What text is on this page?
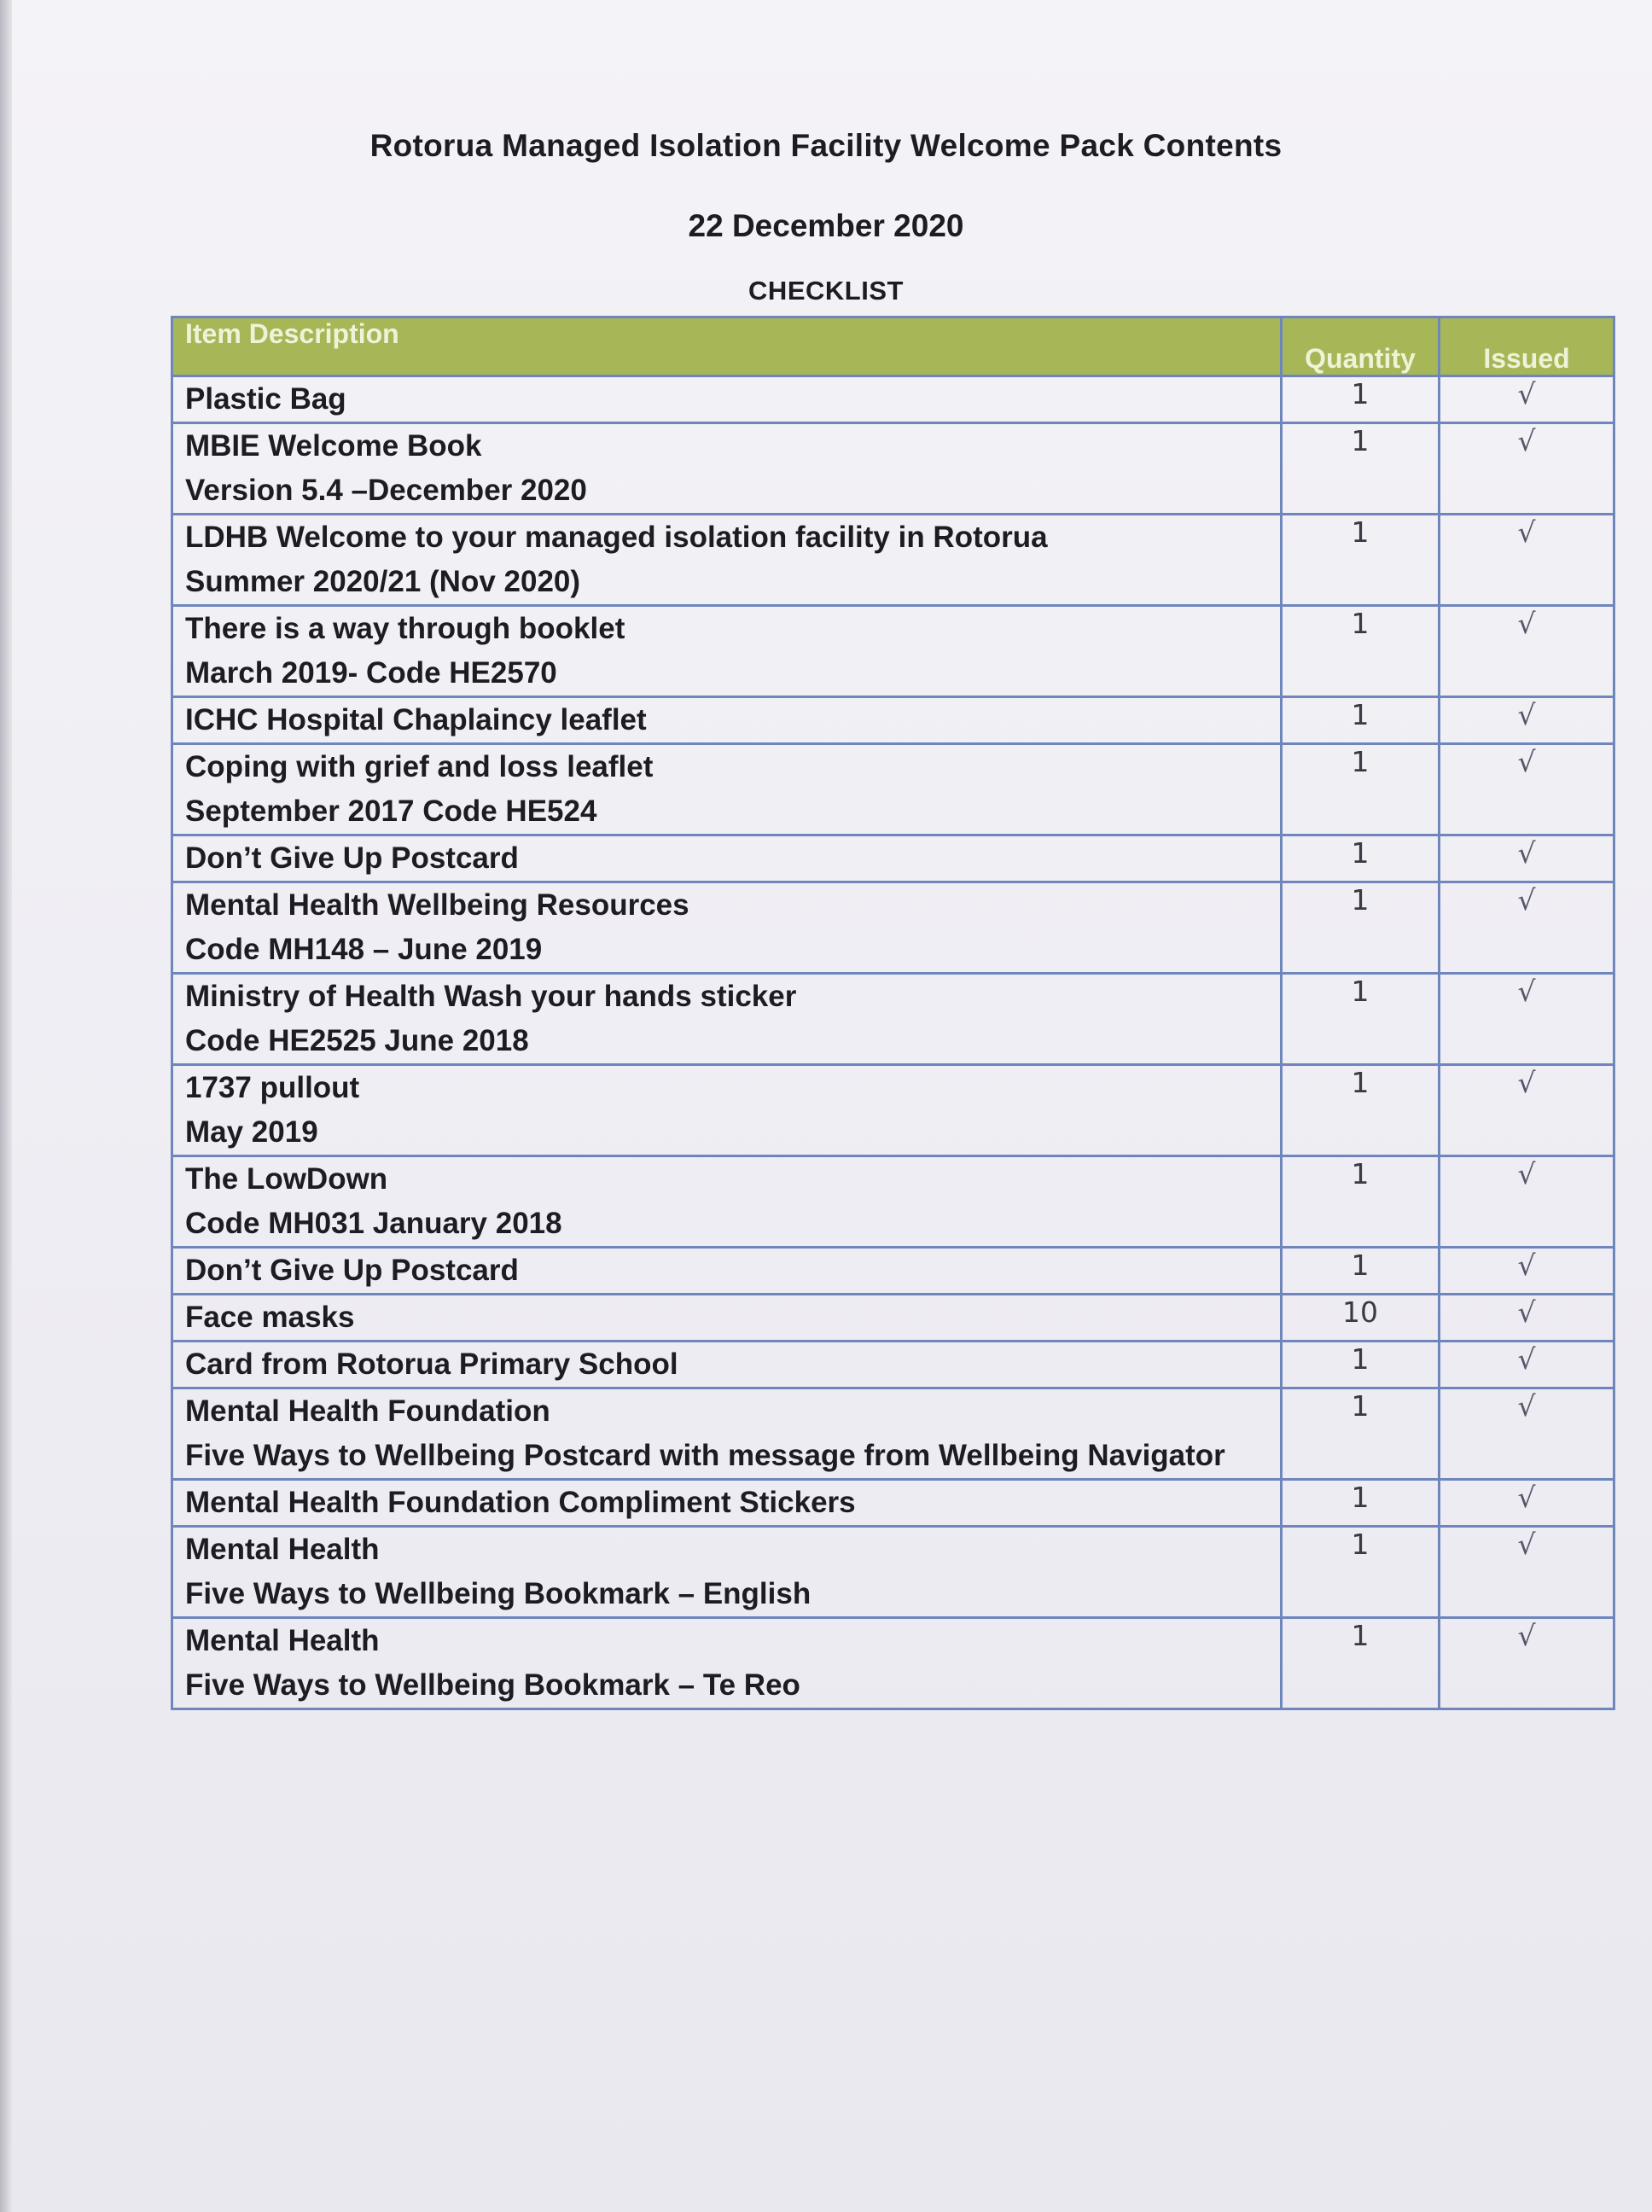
Rotorua Managed Isolation Facility Welcome Pack Contents
22 December 2020
CHECKLIST
Item Description	Quantity	Issued

Plastic Bag	1	√

MBIE Welcome Book
Version 5.4 –December 2020	1	√

LDHB Welcome to your managed isolation facility in Rotorua
Summer 2020/21 (Nov 2020)	1	√

There is a way through booklet
March 2019- Code HE2570	1	√

ICHC Hospital Chaplaincy leaflet	1	√

Coping with grief and loss leaflet
September 2017 Code HE524	1	√

Don’t Give Up Postcard	1	√

Mental Health Wellbeing Resources
Code MH148 – June 2019	1	√

Ministry of Health Wash your hands sticker
Code HE2525 June 2018	1	√

1737 pullout
May 2019	1	√

The LowDown
Code MH031 January 2018	1	√

Don’t Give Up Postcard	1	√

Face masks	10	√

Card from Rotorua Primary School	1	√

Mental Health Foundation
Five Ways to Wellbeing Postcard with message from Wellbeing Navigator	1	√

Mental Health Foundation Compliment Stickers	1	√

Mental Health
Five Ways to Wellbeing Bookmark – English	1	√

Mental Health
Five Ways to Wellbeing Bookmark – Te Reo	1	√
